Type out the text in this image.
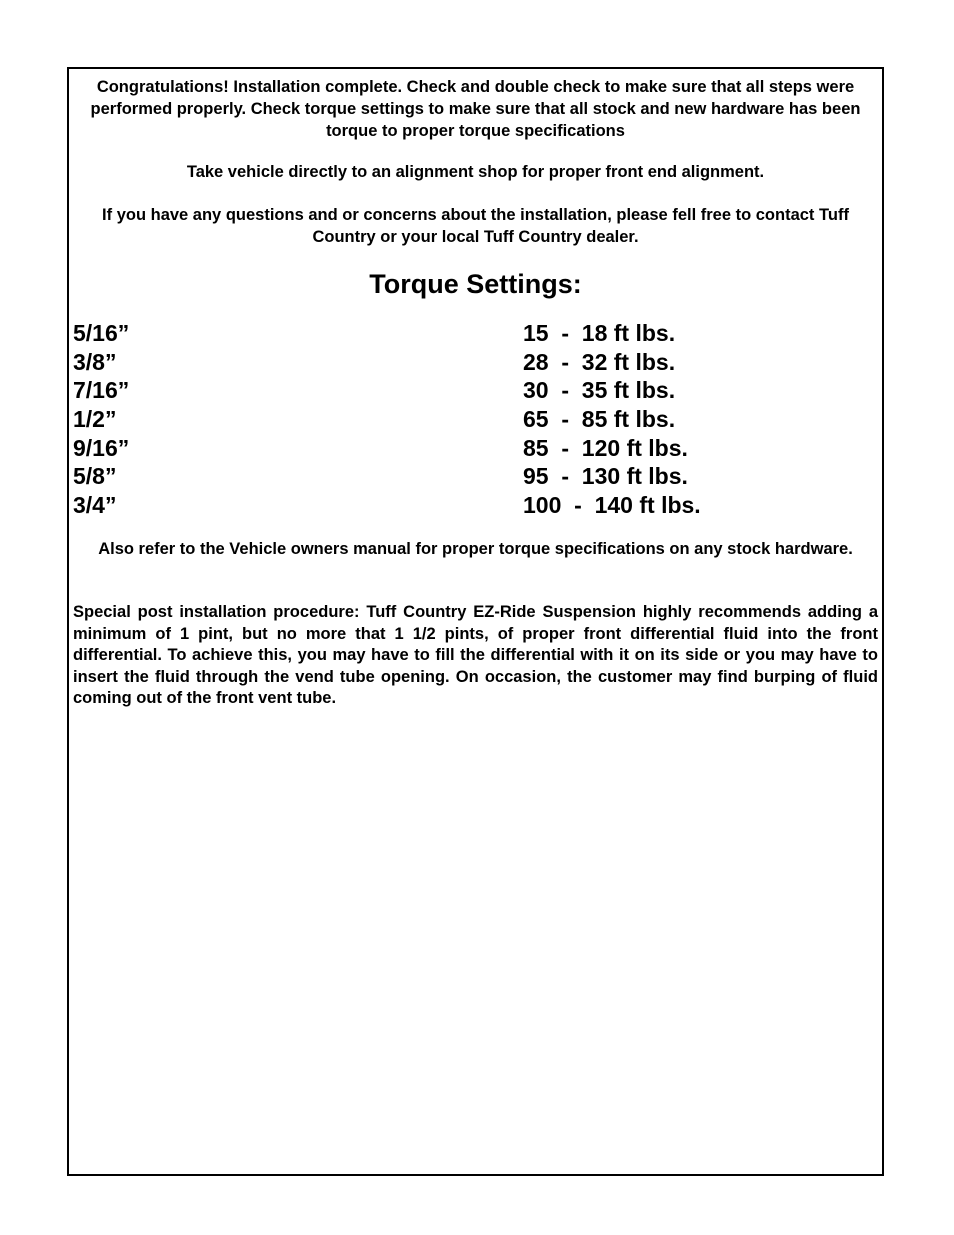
Congratulations! Installation complete. Check and double check to make sure that all steps were performed properly. Check torque settings to make sure that all stock and new hardware has been torque to proper torque specifications

Take vehicle directly to an alignment shop for proper front end alignment.

If you have any questions and or concerns about the installation, please fell free to contact Tuff Country or your local Tuff Country dealer.

Torque Settings:
5/16”	15  -  18 ft lbs.
3/8”	28  -  32 ft lbs.
7/16”	30  -  35 ft lbs.
1/2”	65  -  85 ft lbs.
9/16”	85  -  120 ft lbs.
5/8”	95  -  130 ft lbs.
3/4”	100  -  140 ft lbs.

Also refer to the Vehicle owners manual for proper torque specifications on any stock hardware.

Special post installation procedure: Tuff Country EZ-Ride Suspension highly recommends adding a minimum of 1 pint, but no more that 1 1/2 pints, of proper front differential fluid into the front differential. To achieve this, you may have to fill the differential with it on its side or you may have to insert the fluid through the vend tube opening. On occasion, the customer may find burping of fluid coming out of the front vent tube.
